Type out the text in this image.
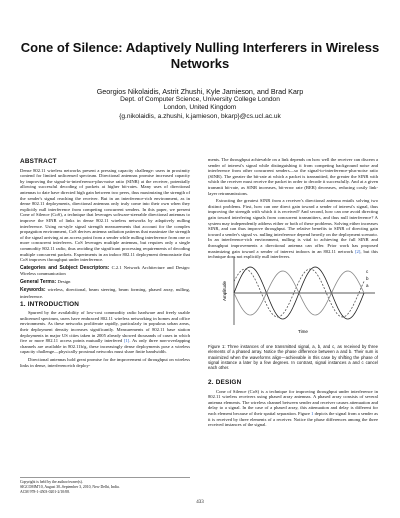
Cone of Silence: Adaptively Nulling Interferers in Wireless Networks
Georgios Nikolaidis, Astrit Zhushi, Kyle Jamieson, and Brad Karp
Dept. of Computer Science, University College London
London, United Kingdom
{g.nikolaidis, a.zhushi, k.jamieson, bkarp}@cs.ucl.ac.uk
ABSTRACT
Dense 802.11 wireless networks present a pressing capacity challenge: users in proximity contend for limited unlicensed spectrum. Directional antennas promise increased capacity by improving the signal-to-interference-plus-noise ratio (SINR) at the receiver, potentially allowing successful decoding of packets at higher bit-rates. Many uses of directional antennas to date have directed high gain between two peers, thus maximizing the strength of the sender's signal reaching the receiver. But in an interference-rich environment, as in dense 802.11 deployments, directional antennas only truly come into their own when they explicitly null interference from competing concurrent senders. In this paper, we present Cone of Silence (CoS), a technique that leverages software-steerable directional antennas to improve the SINR of links in dense 802.11 wireless networks by adaptively nulling interference. Using ns-style signal strength measurements that account for the complex propagation environment, CoS derives antenna radiation patterns that maximize the strength of the signal arriving at an access point from a sender while nulling interference from one or more concurrent interferers. CoS leverages multiple antennas, but requires only a single commodity 802.11 radio, thus avoiding the significant processing requirements of decoding multiple concurrent packets. Experiments in an indoor 802.11 deployment demonstrate that CoS improves throughput under interference.
Categories and Subject Descriptors: C.2.1 Network Architecture and Design: Wireless communication
General Terms: Design
Keywords: wireless, directional, beam steering, beam forming, phased array, nulling, interference.
1. INTRODUCTION
Spurred by the availability of low-cost commodity radio hardware and freely usable unlicensed spectrum, users have embraced 802.11 wireless networking in homes and office environments. As these networks proliferate rapidly, particularly in populous urban areas, their deployment density increases significantly. Measurements of 802.11 base station deployments in major US cities taken in 2005 already showed thousands of cases in which five or more 802.11 access points mutually interfered [1]. As only three non-overlapping channels are available in 802.11b/g, these increasingly dense deployments pose a wireless capacity challenge—physically proximal networks must share finite bandwidth.
Directional antennas hold great promise for the improvement of throughput on wireless links in dense, interferenceich deploy-
Copyright is held by the author/owner(s).
SIGCOMM'10, August 30–September 3, 2010, New Delhi, India.
ACM 978-1-4503-0201-2/10/08.
ments. The throughput achievable on a link depends on how well the receiver can discern a sender of interest's signal while distinguishing it from competing background noise and interference from other concurrent senders—so the signal-to-interference-plus-noise ratio (SINR). The greater the bit-rate at which a packet is transmitted, the greater the SINR with which the receiver must receive the packet in order to decode it successfully. And at a given transmit bit-rate, as SINR increases, bit-error rate (BER) decreases, reducing costly link-layer retransmissions.
Extracting the greatest SINR from a receiver's directional antenna entails solving two distinct problems. First, how can one direct gain toward a sender of interest's signal, thus improving the strength with which it is received? And second, how can one avoid directing gain toward interfering signals from concurrent transmitters, and thus null interference? A system may independently address either or both of these problems. Solving either increases SINR, and can thus improve throughput. The relative benefits to SINR of directing gain toward a sender's signal vs. nulling interference depend heavily on the deployment scenario. In an interference-rich environment, nulling is vital to achieving the full SINR and throughput improvements a directional antenna can offer. Prior work has proposed maximizing gain toward a sender of interest indoors in an 802.11 network [2], but this technique does not explicitly null interferers.
Amplitude
Time
c
b
a
Figure 1: Three instances of one transmitted signal, a, b, and c, as received by three elements of a phased array. Notice the phase difference between a and b. Their sum is maximized when the waveforms align—achievable in this case by shifting the phase of signal instance a later by a few degrees. In contrast, signal instances a and c cancel each other.
2. DESIGN
Cone of Silence (CoS) is a technique for improving throughput under interference in 802.11 wireless receivers using phased array antennas. A phased array consists of several antenna elements. The wireless channel between sender and receiver causes attenuation and delay to a signal. In the case of a phased array, this attenuation and delay is different for each element because of their spatial separation. Figure 1 depicts the signal from a sender as it is received by three elements of a receiver. Notice the phase differences among the three received instances of the signal.
433
